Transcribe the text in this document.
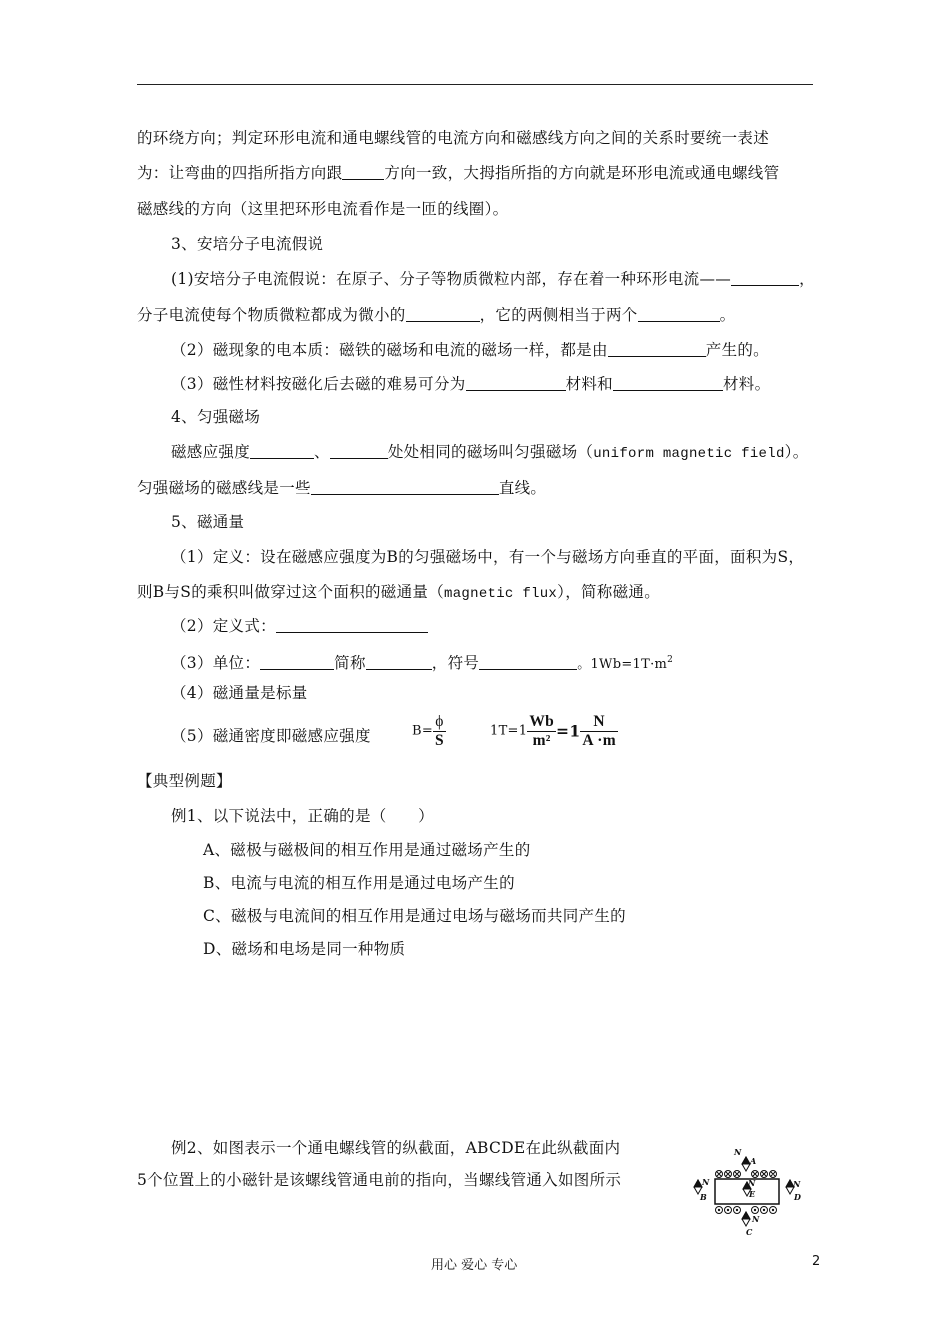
的环绕方向；判定环形电流和通电螺线管的电流方向和磁感线方向之间的关系时要统一表述
为：让弯曲的四指所指方向跟	方向一致，大拇指所指的方向就是环形电流或通电螺线管
磁感线的方向（这里把环形电流看作是一匝的线圈）。
3、安培分子电流假说
(1)安培分子电流假说：在原子、分子等物质微粒内部，存在着一种环形电流——	，
分子电流使每个物质微粒都成为微小的	，它的两侧相当于两个	。
（2）磁现象的电本质：磁铁的磁场和电流的磁场一样，都是由	产生的。
（3）磁性材料按磁化后去磁的难易可分为	材料和	材料。
4、匀强磁场
磁感应强度	、	处处相同的磁场叫匀强磁场（uniform magnetic field）。
匀强磁场的磁感线是一些	直线。
5、磁通量
（1）定义：设在磁感应强度为B的匀强磁场中，有一个与磁场方向垂直的平面，面积为S，
则B与S的乘积叫做穿过这个面积的磁通量（magnetic flux），简称磁通。
（2）定义式：
（3）单位：	简称	，符号	。$1Wb=1T\cdot m^2$
（4）磁通量是标量
（5）磁通密度即磁感应强度	$B= \frac{\phi}{S}$	$1T=1 \frac{Wb}{\text{m²}} =1 \frac{N}{A \cdot m}$
【典型例题】
例1、以下说法中，正确的是（　　）
A、磁极与磁极间的相互作用是通过磁场产生的
B、电流与电流的相互作用是通过电场产生的
C、磁极与电流间的相互作用是通过电场与磁场而共同产生的
D、磁场和电场是同一种物质
例2、如图表示一个通电螺线管的纵截面，ABCDE在此纵截面内
5个位置上的小磁针是该螺线管通电前的指向，当螺线管通入如图所示
N
A
N
B
N
E
N
D
N
C
用心 爱心 专心	2
